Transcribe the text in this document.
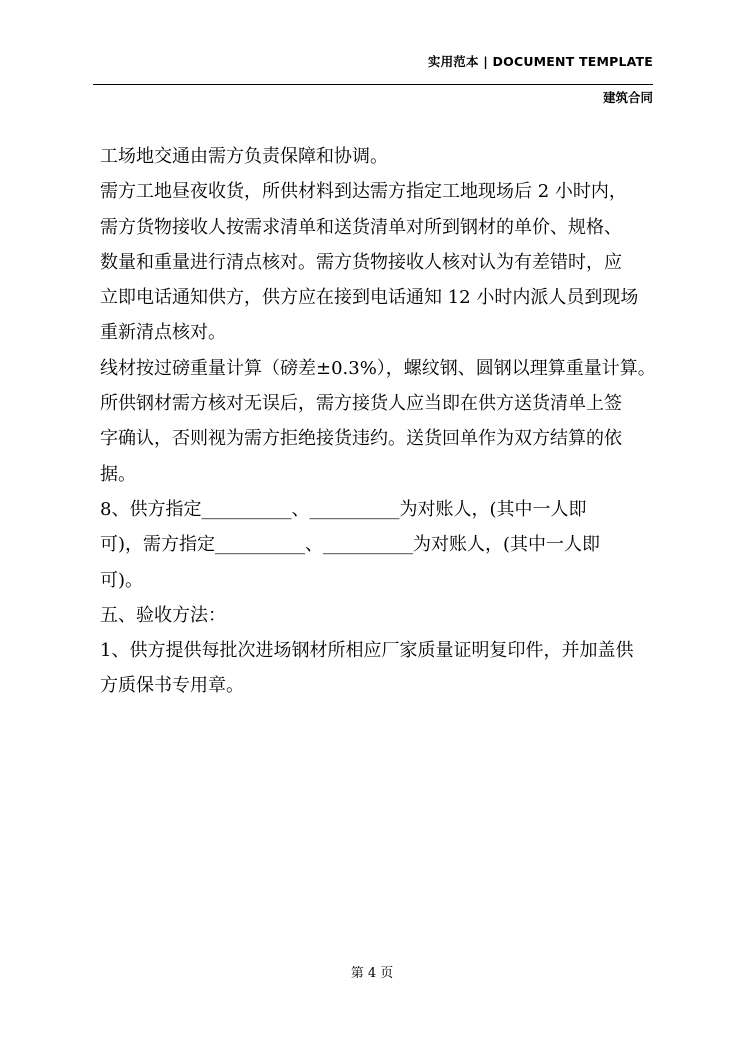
实用范本 | DOCUMENT TEMPLATE
建筑合同

工场地交通由需方负责保障和协调。

需方工地昼夜收货，所供材料到达需方指定工地现场后 2 小时内，

需方货物接收人按需求清单和送货清单对所到钢材的单价、规格、

数量和重量进行清点核对。需方货物接收人核对认为有差错时，应

立即电话通知供方，供方应在接到电话通知 12 小时内派人员到现场

重新清点核对。

线材按过磅重量计算（磅差±0.3%），螺纹钢、圆钢以理算重量计算。

所供钢材需方核对无误后，需方接货人应当即在供方送货清单上签

字确认，否则视为需方拒绝接货违约。送货回单作为双方结算的依

据。

8、供方指定__________、__________为对账人，(其中一人即

可)，需方指定__________、__________为对账人，(其中一人即

可)。

五、验收方法：

1、供方提供每批次进场钢材所相应厂家质量证明复印件，并加盖供

方质保书专用章。

第 4 页
